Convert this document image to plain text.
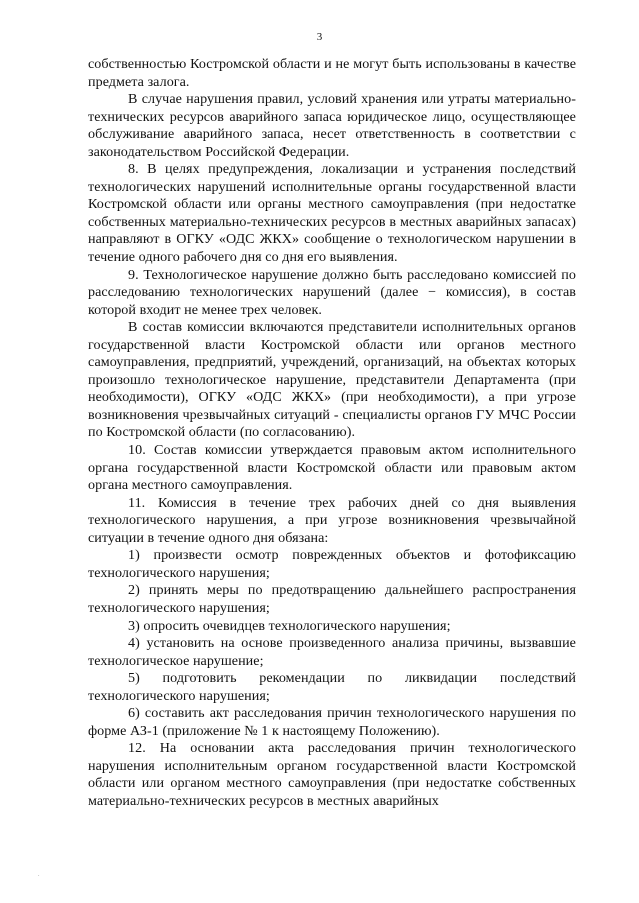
3

собственностью Костромской области и не могут быть использованы в качестве предмета залога.

В случае нарушения правил, условий хранения или утраты материально-технических ресурсов аварийного запаса юридическое лицо, осуществляющее обслуживание аварийного запаса, несет ответственность в соответствии с законодательством Российской Федерации.

8. В целях предупреждения, локализации и устранения последствий технологических нарушений исполнительные органы государственной власти Костромской области или органы местного самоуправления (при недостатке собственных материально-технических ресурсов в местных аварийных запасах) направляют в ОГКУ «ОДС ЖКХ» сообщение о технологическом нарушении в течение одного рабочего дня со дня его выявления.

9. Технологическое нарушение должно быть расследовано комиссией по расследованию технологических нарушений (далее − комиссия), в состав которой входит не менее трех человек.

В состав комиссии включаются представители исполнительных органов государственной власти Костромской области или органов местного самоуправления, предприятий, учреждений, организаций, на объектах которых произошло технологическое нарушение, представители Департамента (при необходимости), ОГКУ «ОДС ЖКХ» (при необходимости), а при угрозе возникновения чрезвычайных ситуаций - специалисты органов ГУ МЧС России по Костромской области (по согласованию).

10. Состав комиссии утверждается правовым актом исполнительного органа государственной власти Костромской области или правовым актом органа местного самоуправления.

11. Комиссия в течение трех рабочих дней со дня выявления технологического нарушения, а при угрозе возникновения чрезвычайной ситуации в течение одного дня обязана:

1) произвести осмотр поврежденных объектов и фотофиксацию технологического нарушения;

2) принять меры по предотвращению дальнейшего распространения технологического нарушения;

3) опросить очевидцев технологического нарушения;

4) установить на основе произведенного анализа причины, вызвавшие технологическое нарушение;

5) подготовить рекомендации по ликвидации последствий технологического нарушения;

6) составить акт расследования причин технологического нарушения по форме АЗ-1 (приложение № 1 к настоящему Положению).

12. На основании акта расследования причин технологического нарушения исполнительным органом государственной власти Костромской области или органом местного самоуправления (при недостатке собственных материально-технических ресурсов в местных аварийных

.
